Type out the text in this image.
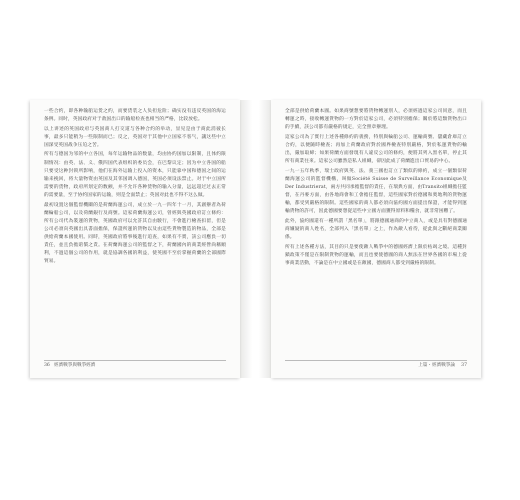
一些合约，即各种输船运货之约，而要货装之人负担危险；确实没有违反英国的海运条例。同时，英国政府对于敌国出口的输船检查也相当的严格，比较放松。

以上讲述的英国政府与英国商人打交道与各种合约的举动，显见是由于商此消彼长事，最多只能稍为一些限制而已；反之，英国对于其他中立国家不客气，讓这些中立国深受英国战争压迫之苦。

所有与德国为邻的中立各国，每年运输物品的数量，均由协约国加以限制，且体约限制情况：由英、法、义、俄四国代表组织的委员会，在巴黎议定；因为中立各国的船只要受这种封锁所影响，他们在海外运输上投入的资本，只能靠中国和德国之间的运输来挽回，将大量物资由英国及其邻国调入德国，英国必须设法禁止。对于中立国所需要的货物，政府所划定的数额，并不允许各种货物的输入分量，远远超过过去正常的需要量，至于协约国家的运输，则是全面禁止；英国对此也不得不这么做。

最初设置这個監督機關的是荷蘭海運公司，成立於一九一四年十一月，其創辦者為荷蘭輪船公司，以及荷蘭銀行及商號。這家荷蘭海運公司，曾經與英國政府訂立條約：所有公司代為裝運的貨物，英國政府可以允許其自由駛行，不會進行檢查扣留，但是公司必須向英國出具書面擔保，保證所運的貨物以及由這些貨物製造的物品，全部是供給荷蘭本國使用。同時，英國政府將事後進行追查，如果有不實，該公司應負一切責任，並且負擔賠償之責。在荷蘭海運公司的監督之下，荷蘭國內的商業經營尚稱順利，不過這個公司的作用，就是協調各國的利益，使英國不至於掌握荷蘭的全部國際貿易。

36 經濟戰爭與戰爭經濟

全部是供給荷蘭本國。如果商號想要將貨物轉運別人，必須經過這家公司同意，而且轉運之時，接收轉運貨物的一方對於這家公司，必須特別擔保；關於將這類貨物出口的手續，該公司都有嚴格的規定，完全照章辦理。

這家公司為了實行上述各種條約的義務，特別與輪船公司、運輸商號、儲藏倉庫訂立合約，以便隨時檢查；再加上荷蘭政府對於國界檢查特別嚴格，對於私運貨物的輸出，嚴加取締；如果荷蘭方面發現有人違反公司的條約，便將其列入黑名單，停止其所有商業往來。這家公司雖然是私人組織，卻因此成了荷蘭進出口貿易的中心。

一九一五年秋季，瑞士政府與英、法、義三國也訂立了類似的條約，成立一個類似荷蘭海運公司的監督機構，叫做Société Suisse de Surveillance Economique及Der Industrierat，兩方共同承擔監督的責任，在瑞典方面，由Transito組織擔任監督，在丹麥方面，由各地商會和工會擔任監督，這些國家對於德國和奧地利的貨物運輸，都受到嚴格的限制。這些國家的商人都必須向協約國方面提出保證，才能得到運輸貨物的許可，因此德國要想從這些中立國方面獲得原料和糧食，就非常困難了。

此外，協約國還有一種所謂「黑名單」，將跟德國通商的中立商人，或是具有對德國通商嫌疑的商人姓名，全部列入「黑名單」之上，作為敵人看待，從此與之斷絕商業關係。

所有上述各種方法，其目的只是要使敵人戰爭中的德國經濟上限於枯竭之境。這種封鎖政策不僅是在限制貨物的運輸，而且也要使德國的商人無法在世界各國的市場上從事商業活動，不論是在中立國或是在敵國，德國商人都受到嚴格的限制。

上篇・經濟戰爭論 37
